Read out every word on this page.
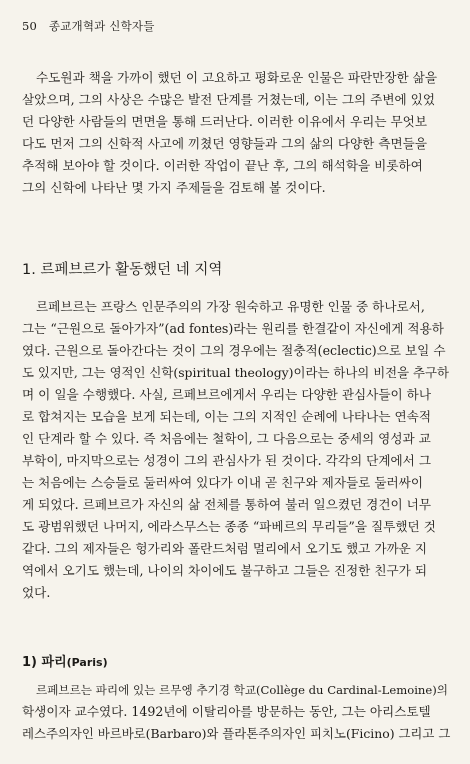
50 종교개혁과 신학자들

수도원과 책을 가까이 했던 이 고요하고 평화로운 인물은 파란만장한 삶을
살았으며, 그의 사상은 수많은 발전 단계를 거쳤는데, 이는 그의 주변에 있었
던 다양한 사람들의 면면을 통해 드러난다. 이러한 이유에서 우리는 무엇보
다도 먼저 그의 신학적 사고에 끼쳤던 영향들과 그의 삶의 다양한 측면들을
추적해 보아야 할 것이다. 이러한 작업이 끝난 후, 그의 해석학을 비롯하여
그의 신학에 나타난 몇 가지 주제들을 검토해 볼 것이다.

1. 르페브르가 활동했던 네 지역

르페브르는 프랑스 인문주의의 가장 원숙하고 유명한 인물 중 하나로서,
그는 “근원으로 돌아가자”(ad fontes)라는 원리를 한결같이 자신에게 적용하
였다. 근원으로 돌아간다는 것이 그의 경우에는 절충적(eclectic)으로 보일 수
도 있지만, 그는 영적인 신학(spiritual theology)이라는 하나의 비전을 추구하
며 이 일을 수행했다. 사실, 르페브르에게서 우리는 다양한 관심사들이 하나
로 합쳐지는 모습을 보게 되는데, 이는 그의 지적인 순례에 나타나는 연속적
인 단계라 할 수 있다. 즉 처음에는 철학이, 그 다음으로는 중세의 영성과 교
부학이, 마지막으로는 성경이 그의 관심사가 된 것이다. 각각의 단계에서 그
는 처음에는 스승들로 둘러싸여 있다가 이내 곧 친구와 제자들로 둘러싸이
게 되었다. 르페브르가 자신의 삶 전체를 통하여 불러 일으켰던 경건이 너무
도 광범위했던 나머지, 에라스무스는 종종 “파베르의 무리들”을 질투했던 것
같다. 그의 제자들은 헝가리와 폴란드처럼 멀리에서 오기도 했고 가까운 지
역에서 오기도 했는데, 나이의 차이에도 불구하고 그들은 진정한 친구가 되
었다.

1) 파리(Paris)

르페브르는 파리에 있는 르무엥 추기경 학교(Collège du Cardinal-Lemoine)의
학생이자 교수였다. 1492년에 이탈리아를 방문하는 동안, 그는 아리스토텔
레스주의자인 바르바로(Barbaro)와 플라톤주의자인 피치노(Ficino) 그리고 그
